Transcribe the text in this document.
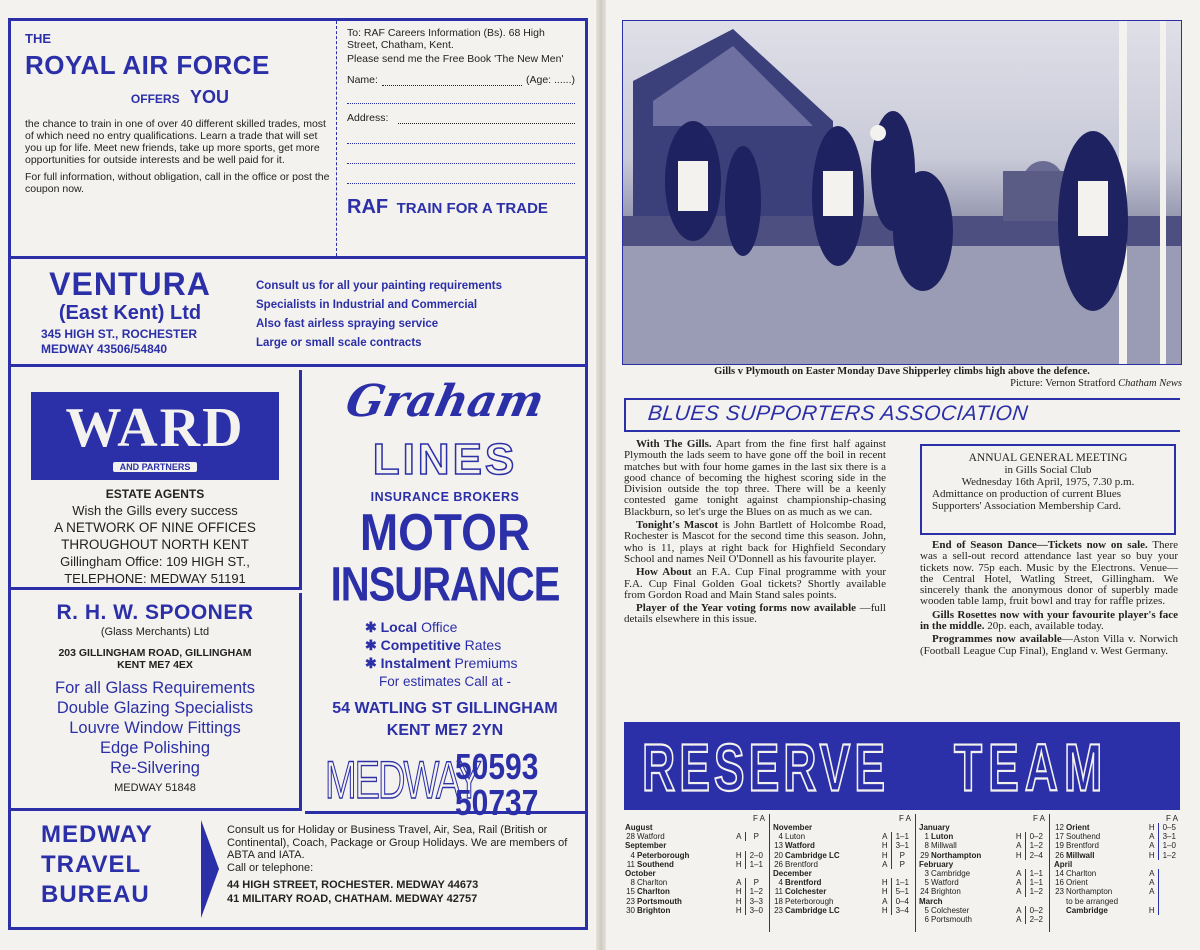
THE
ROYAL AIR FORCE
OFFERS YOU
the chance to train in one of over 40 different skilled trades, most of which need no entry qualifications. Learn a trade that will set you up for life. Meet new friends, take up more sports, get more opportunities for outside interests and be well paid for it.
For full information, without obligation, call in the office or post the coupon now.
To: RAF Careers Information (Bs). 68 High Street, Chatham, Kent.
Please send me the Free Book 'The New Men'
Name:	(Age: ......)
Address:
RAF TRAIN FOR A TRADE
VENTURA
(East Kent) Ltd
345 HIGH ST., ROCHESTER
MEDWAY 43506/54840
Consult us for all your painting requirements
Specialists in Industrial and Commercial
Also fast airless spraying service
Large or small scale contracts
WARD
AND PARTNERS
ESTATE AGENTS
Wish the Gills every success
A NETWORK OF NINE OFFICES
THROUGHOUT NORTH KENT
Gillingham Office: 109 HIGH ST.,
TELEPHONE: MEDWAY 51191
R. H. W. SPOONER
(Glass Merchants) Ltd
203 GILLINGHAM ROAD, GILLINGHAM
KENT ME7 4EX
For all Glass Requirements
Double Glazing Specialists
Louvre Window Fittings
Edge Polishing
Re-Silvering
MEDWAY 51848
Graham
LINES
INSURANCE BROKERS
MOTOR
INSURANCE
✱ Local Office
✱ Competitive Rates
✱ Instalment Premiums
For estimates Call at -
54 WATLING ST GILLINGHAM
KENT ME7 2YN
MEDWAY
50593
50737
MEDWAY
TRAVEL
BUREAU
Consult us for Holiday or Business Travel, Air, Sea, Rail (British or Continental), Coach, Package or Group Holidays. We are members of ABTA and IATA.
Call or telephone:
44 HIGH STREET, ROCHESTER. MEDWAY 44673
41 MILITARY ROAD, CHATHAM. MEDWAY 42757
Gills v Plymouth on Easter Monday Dave Shipperley climbs high above the defence.
Picture: Vernon Stratford Chatham News
BLUES SUPPORTERS ASSOCIATION

With The Gills. Apart from the fine first half against Plymouth the lads seem to have gone off the boil in recent matches but with four home games in the last six there is a good chance of becoming the highest scoring side in the Division outside the top three. There will be a keenly contested game tonight against championship-chasing Blackburn, so let's urge the Blues on as much as we can.

Tonight's Mascot is John Bartlett of Holcombe Road, Rochester is Mascot for the second time this season. John, who is 11, plays at right back for Highfield Secondary School and names Neil O'Donnell as his favourite player.

How About an F.A. Cup Final programme with your F.A. Cup Final Golden Goal tickets? Shortly available from Gordon Road and Main Stand sales points.

Player of the Year voting forms now available —full details elsewhere in this issue.

ANNUAL GENERAL MEETING
in Gills Social Club
Wednesday 16th April, 1975, 7.30 p.m.
Admittance on production of current Blues Supporters' Association Membership Card.

End of Season Dance—Tickets now on sale. There was a sell-out record attendance last year so buy your tickets now. 75p each. Music by the Electrons. Venue—the Central Hotel, Watling Street, Gillingham. We sincerely thank the anonymous donor of superbly made wooden table lamp, fruit bowl and tray for raffle prizes.

Gills Rosettes now with your favourite player's face in the middle. 20p. each, available today.

Programmes now available—Aston Villa v. Norwich (Football League Cup Final), England v. West Germany.

RESERVE TEAM
F A
August			
28	Watford	A	P
September			
4	Peterborough	H	2–0
11	Southend	H	1–1
October			
8	Charlton	A	P
15	Charlton	H	1–2
23	Portsmouth	H	3–3
30	Brighton	H	3–0
F A
November			
4	Luton	A	1–1
13	Watford	H	3–1
20	Cambridge LC	H	P
26	Brentford	A	P
December			
4	Brentford	H	1–1
11	Colchester	H	5–1
18	Peterborough	A	0–4
23	Cambridge LC	H	3–4
F A
January			
1	Luton	H	0–2
8	Millwall	A	1–2
29	Northampton	H	2–4
February			
3	Cambridge	A	1–1
5	Watford	A	1–1
24	Brighton	A	1–2
March			
5	Colchester	A	0–2
6	Portsmouth	A	2–2
F A
12	Orient	H	0–5
17	Southend	A	3–1
19	Brentford	A	1–0
26	Millwall	H	1–2
April			
14	Charlton	A	
16	Orient	A	
23	Northampton	A	
	to be arranged		
	Cambridge	H	
